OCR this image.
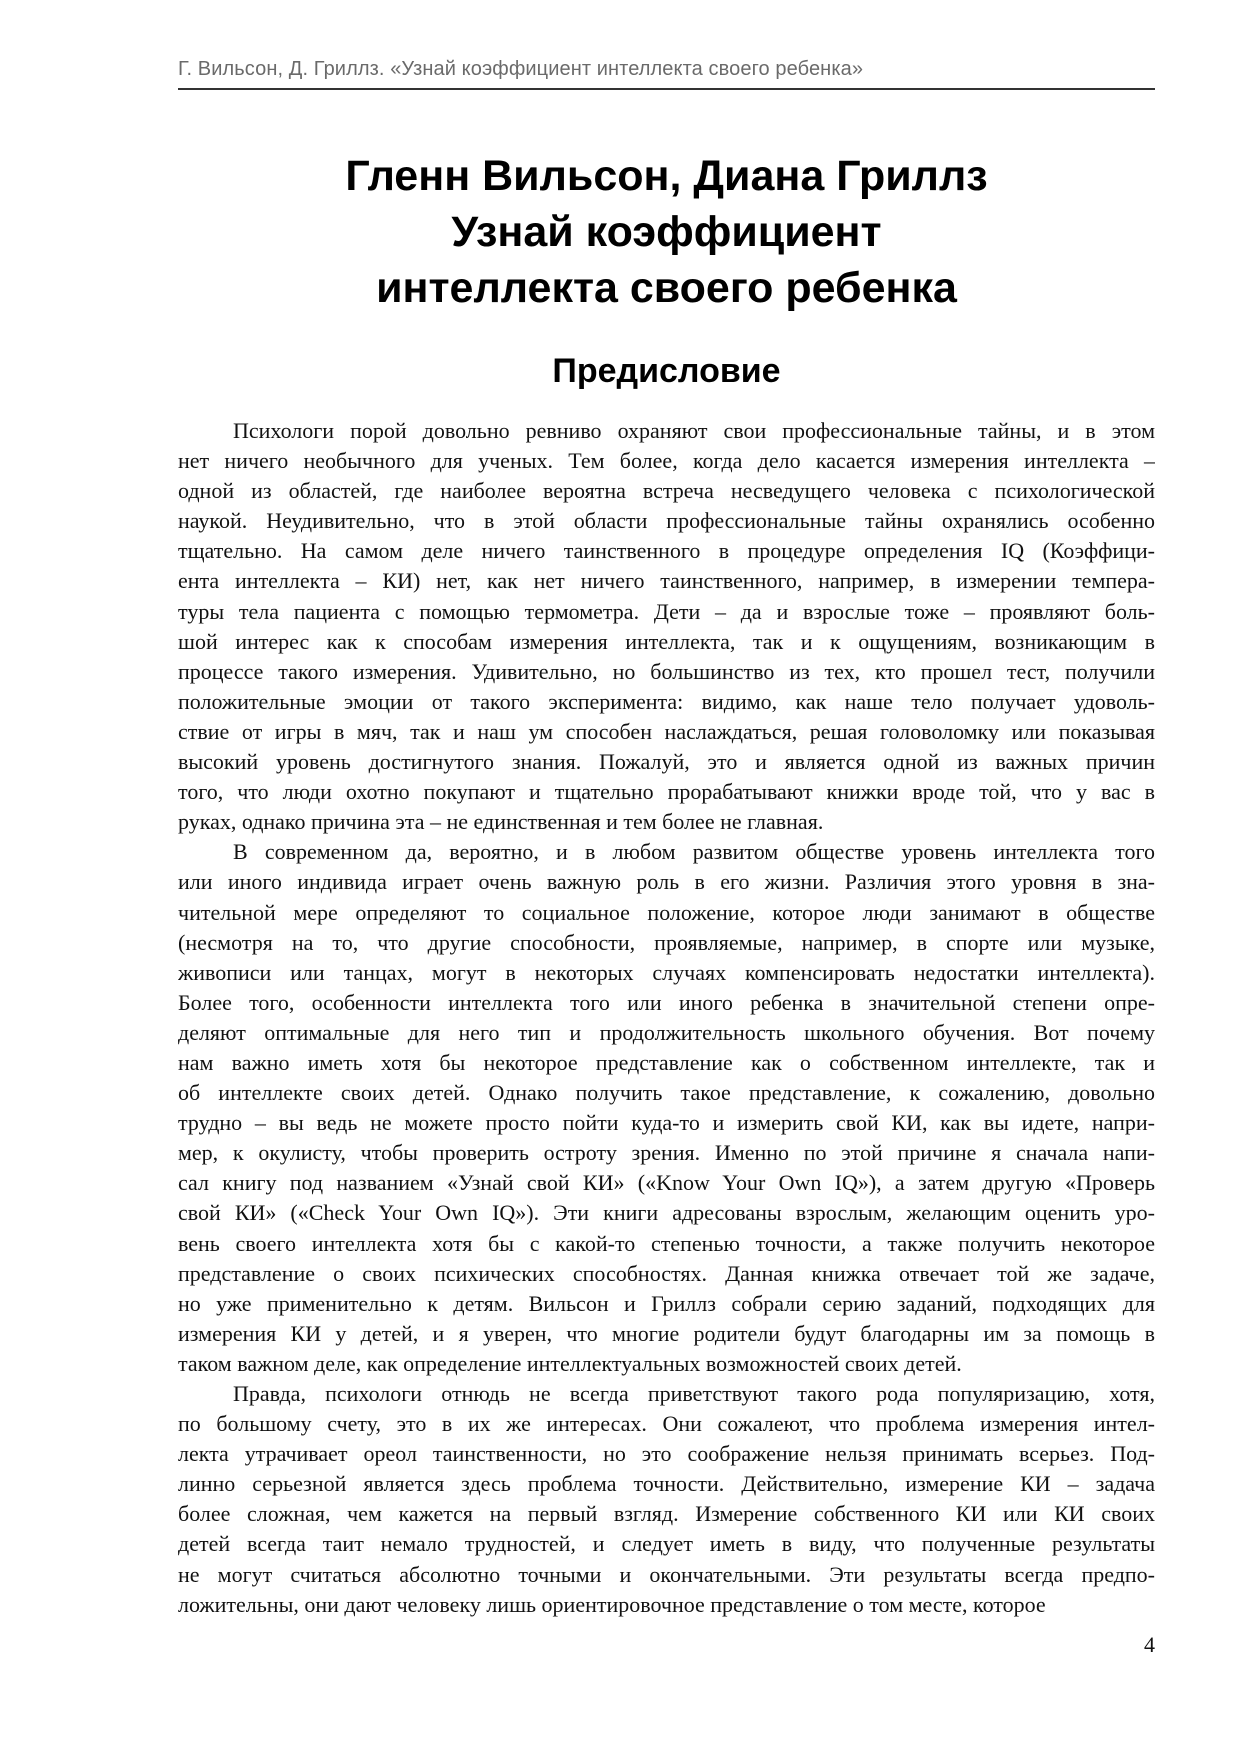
Г. Вильсон, Д. Гриллз. «Узнай коэффициент интеллекта своего ребенка»
Гленн Вильсон, Диана Гриллз
Узнай коэффициент
интеллекта своего ребенка
Предисловие
Психологи порой довольно ревниво охраняют свои профессиональные тайны, и в этом
нет ничего необычного для ученых. Тем более, когда дело касается измерения интеллекта –
одной из областей, где наиболее вероятна встреча несведущего человека с психологической
наукой. Неудивительно, что в этой области профессиональные тайны охранялись особенно
тщательно. На самом деле ничего таинственного в процедуре определения IQ (Коэффици-
ента интеллекта – КИ) нет, как нет ничего таинственного, например, в измерении темпера-
туры тела пациента с помощью термометра. Дети – да и взрослые тоже – проявляют боль-
шой интерес как к способам измерения интеллекта, так и к ощущениям, возникающим в
процессе такого измерения. Удивительно, но большинство из тех, кто прошел тест, получили
положительные эмоции от такого эксперимента: видимо, как наше тело получает удоволь-
ствие от игры в мяч, так и наш ум способен наслаждаться, решая головоломку или показывая
высокий уровень достигнутого знания. Пожалуй, это и является одной из важных причин
того, что люди охотно покупают и тщательно прорабатывают книжки вроде той, что у вас в
руках, однако причина эта – не единственная и тем более не главная.
В современном да, вероятно, и в любом развитом обществе уровень интеллекта того
или иного индивида играет очень важную роль в его жизни. Различия этого уровня в зна-
чительной мере определяют то социальное положение, которое люди занимают в обществе
(несмотря на то, что другие способности, проявляемые, например, в спорте или музыке,
живописи или танцах, могут в некоторых случаях компенсировать недостатки интеллекта).
Более того, особенности интеллекта того или иного ребенка в значительной степени опре-
деляют оптимальные для него тип и продолжительность школьного обучения. Вот почему
нам важно иметь хотя бы некоторое представление как о собственном интеллекте, так и
об интеллекте своих детей. Однако получить такое представление, к сожалению, довольно
трудно – вы ведь не можете просто пойти куда-то и измерить свой КИ, как вы идете, напри-
мер, к окулисту, чтобы проверить остроту зрения. Именно по этой причине я сначала напи-
сал книгу под названием «Узнай свой КИ» («Know Your Own IQ»), а затем другую «Проверь
свой КИ» («Check Your Own IQ»). Эти книги адресованы взрослым, желающим оценить уро-
вень своего интеллекта хотя бы с какой-то степенью точности, а также получить некоторое
представление о своих психических способностях. Данная книжка отвечает той же задаче,
но уже применительно к детям. Вильсон и Гриллз собрали серию заданий, подходящих для
измерения КИ у детей, и я уверен, что многие родители будут благодарны им за помощь в
таком важном деле, как определение интеллектуальных возможностей своих детей.
Правда, психологи отнюдь не всегда приветствуют такого рода популяризацию, хотя,
по большому счету, это в их же интересах. Они сожалеют, что проблема измерения интел-
лекта утрачивает ореол таинственности, но это соображение нельзя принимать всерьез. Под-
линно серьезной является здесь проблема точности. Действительно, измерение КИ – задача
более сложная, чем кажется на первый взгляд. Измерение собственного КИ или КИ своих
детей всегда таит немало трудностей, и следует иметь в виду, что полученные результаты
не могут считаться абсолютно точными и окончательными. Эти результаты всегда предпо-
ложительны, они дают человеку лишь ориентировочное представление о том месте, которое
4
